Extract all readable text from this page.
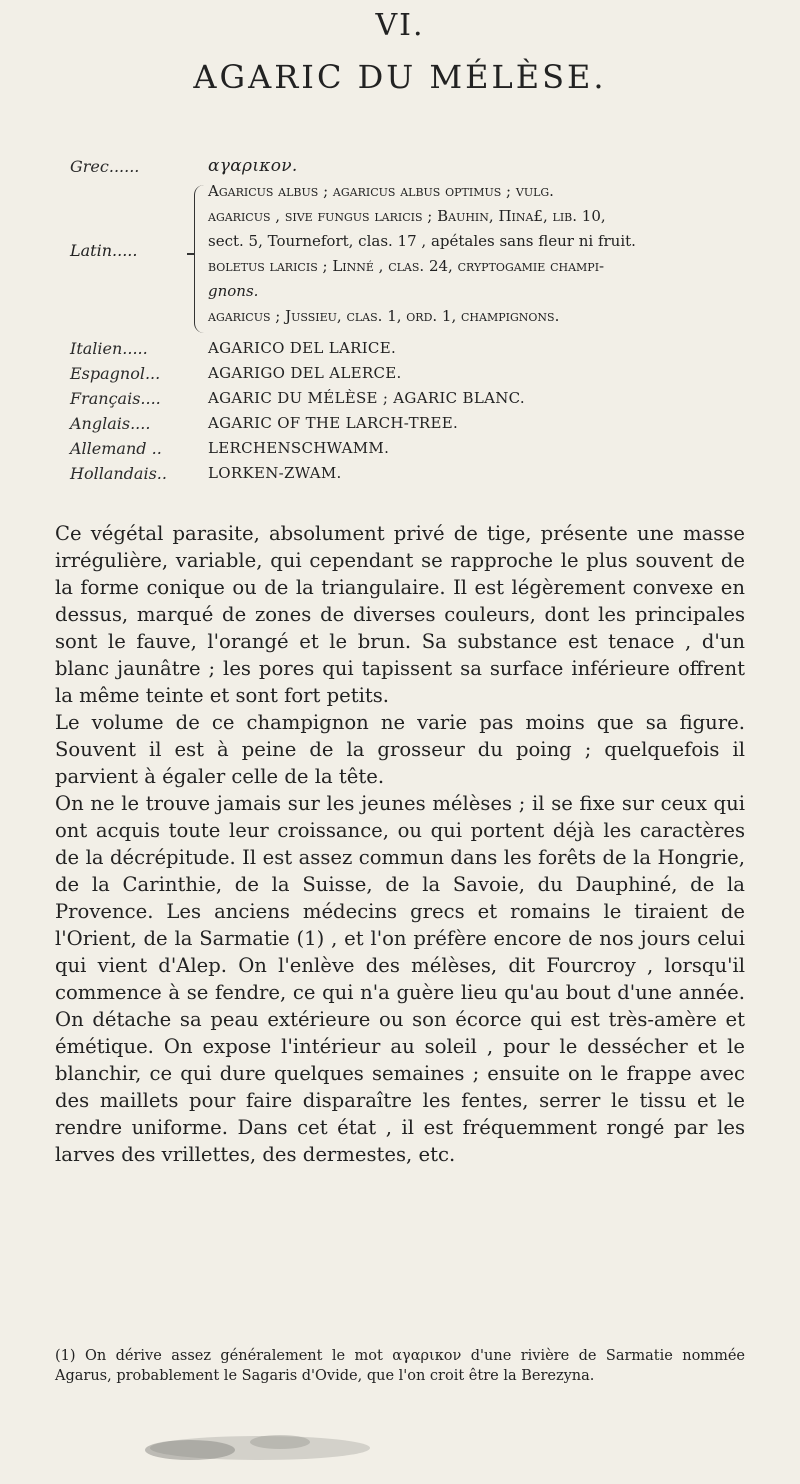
VI.
AGARIC DU MÉLÈSE.
Grec......	αγαρικον.
Latin.....
Agaricus albus ; agaricus albus optimus ; vulg.
agaricus , sive fungus laricis ; Bauhin, Πινα£, lib. 10,
sect. 5, Tournefort, clas. 17 , apétales sans fleur ni fruit.
boletus laricis ; Linné , clas. 24, cryptogamie champi-
gnons.
agaricus ; Jussieu, clas. 1, ord. 1, champignons.
Italien.....	AGARICO DEL LARICE.
Espagnol...	AGARIGO DEL ALERCE.
Français....	AGARIC DU MÉLÈSE ; AGARIC BLANC.
Anglais....	AGARIC OF THE LARCH-TREE.
Allemand ..	LERCHENSCHWAMM.
Hollandais..	LORKEN-ZWAM.

Ce végétal parasite, absolument privé de tige, présente une masse irrégulière, variable, qui cependant se rapproche le plus souvent de la forme conique ou de la triangulaire. Il est légèrement convexe en dessus, marqué de zones de diverses couleurs, dont les principales sont le fauve, l'orangé et le brun. Sa substance est tenace , d'un blanc jaunâtre ; les pores qui tapissent sa surface inférieure offrent la même teinte et sont fort petits.

Le volume de ce champignon ne varie pas moins que sa figure. Souvent il est à peine de la grosseur du poing ; quelquefois il parvient à égaler celle de la tête.

On ne le trouve jamais sur les jeunes mélèses ; il se fixe sur ceux qui ont acquis toute leur croissance, ou qui portent déjà les caractères de la décrépitude. Il est assez commun dans les forêts de la Hongrie, de la Carinthie, de la Suisse, de la Savoie, du Dauphiné, de la Provence. Les anciens médecins grecs et romains le tiraient de l'Orient, de la Sarmatie (1) , et l'on préfère encore de nos jours celui qui vient d'Alep. On l'enlève des mélèses, dit Fourcroy , lorsqu'il commence à se fendre, ce qui n'a guère lieu qu'au bout d'une année. On détache sa peau extérieure ou son écorce qui est très-amère et émétique. On expose l'intérieur au soleil , pour le dessécher et le blanchir, ce qui dure quelques semaines ; ensuite on le frappe avec des maillets pour faire disparaître les fentes, serrer le tissu et le rendre uniforme. Dans cet état , il est fréquemment rongé par les larves des vrillettes, des dermestes, etc.

(1) On dérive assez généralement le mot αγαρικον d'une rivière de Sarmatie nommée Agarus, probablement le Sagaris d'Ovide, que l'on croit être la Berezyna.
